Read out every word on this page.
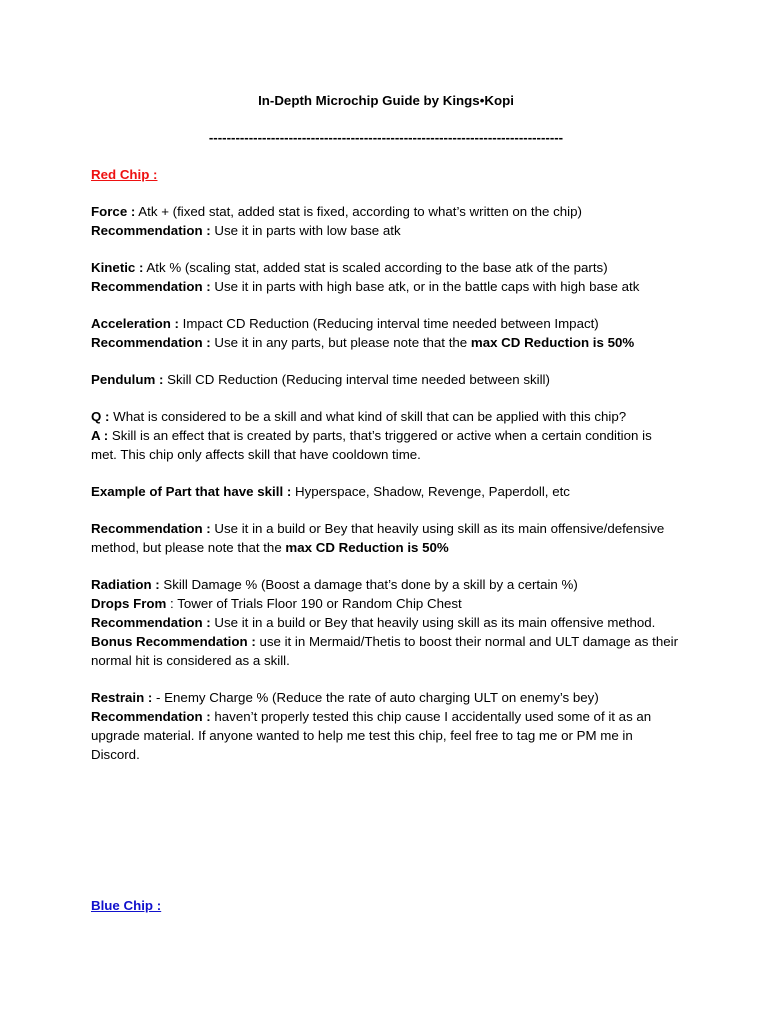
In-Depth Microchip Guide by Kings•Kopi

--------------------------------------------------------------------------------

Red Chip :

Force : Atk + (fixed stat, added stat is fixed, according to what’s written on the chip)

Recommendation : Use it in parts with low base atk

Kinetic : Atk % (scaling stat, added stat is scaled according to the base atk of the parts)

Recommendation : Use it in parts with high base atk, or in the battle caps with high base atk

Acceleration : Impact CD Reduction (Reducing interval time needed between Impact)

Recommendation : Use it in any parts, but please note that the max CD Reduction is 50%

Pendulum : Skill CD Reduction (Reducing interval time needed between skill)

Q : What is considered to be a skill and what kind of skill that can be applied with this chip?

A : Skill is an effect that is created by parts, that’s triggered or active when a certain condition is met. This chip only affects skill that have cooldown time.

Example of Part that have skill : Hyperspace, Shadow, Revenge, Paperdoll, etc

Recommendation : Use it in a build or Bey that heavily using skill as its main offensive/defensive method, but please note that the max CD Reduction is 50%

Radiation : Skill Damage % (Boost a damage that’s done by a skill by a certain %)

Drops From : Tower of Trials Floor 190 or Random Chip Chest

Recommendation : Use it in a build or Bey that heavily using skill as its main offensive method.

Bonus Recommendation : use it in Mermaid/Thetis to boost their normal and ULT damage as their normal hit is considered as a skill.

Restrain : - Enemy Charge % (Reduce the rate of auto charging ULT on enemy’s bey)

Recommendation : haven’t properly tested this chip cause I accidentally used some of it as an upgrade material. If anyone wanted to help me test this chip, feel free to tag me or PM me in Discord.

Blue Chip :
